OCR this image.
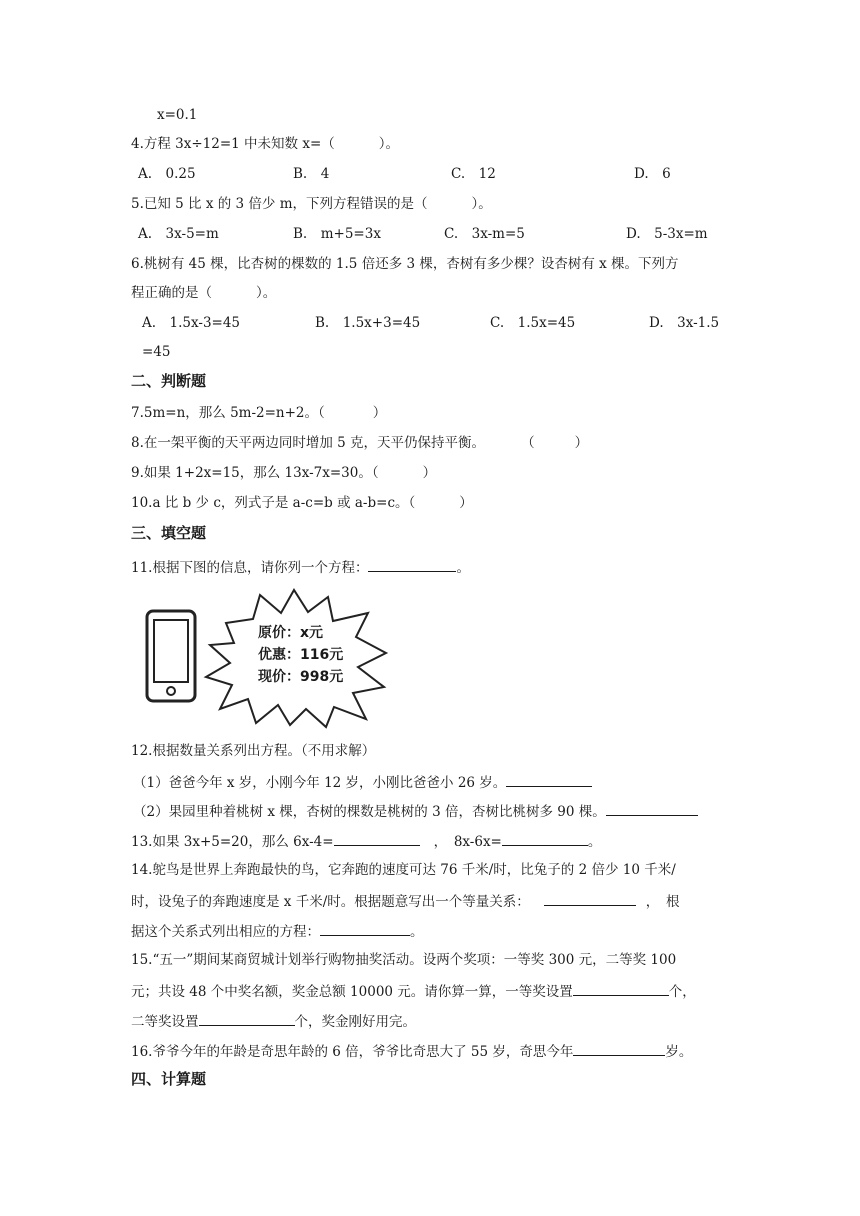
x=0.1
4.方程 3x÷12=1 中未知数 x=（	）。
A.　0.25	B.　4	C.　12	D.　6
5.已知 5 比 x 的 3 倍少 m，下列方程错误的是（	）。
A.　3x-5=m	B.　m+5=3x	C.　3x-m=5	D.　5-3x=m
6.桃树有 45 棵，比杏树的棵数的 1.5 倍还多 3 棵，杏树有多少棵？设杏树有 x 棵。下列方
程正确的是（	）。
A.　1.5x-3=45	B.　1.5x+3=45	C.　1.5x=45	D.　3x-1.5
=45
二、判断题
7.5m=n，那么 5m-2=n+2。（	）
8.在一架平衡的天平两边同时增加 5 克，天平仍保持平衡。	（	）
9.如果 1+2x=15，那么 13x-7x=30。（	）
10.a 比 b 少 c，列式子是 a-c=b 或 a-b=c。（	）
三、填空题
11.根据下图的信息，请你列一个方程：	。
原价：x元
优惠：116元
现价：998元
12.根据数量关系列出方程。（不用求解）
（1）爸爸今年 x 岁，小刚今年 12 岁，小刚比爸爸小 26 岁。
（2）果园里种着桃树 x 棵，杏树的棵数是桃树的 3 倍，杏树比桃树多 90 棵。
13.如果 3x+5=20，那么 6x-4=	，　8x-6x=	。
14.鸵鸟是世界上奔跑最快的鸟，它奔跑的速度可达 76 千米/时，比兔子的 2 倍少 10 千米/
时，设兔子的奔跑速度是 x 千米/时。根据题意写出一个等量关系：	，　根
据这个关系式列出相应的方程：	。
15.“五一”期间某商贸城计划举行购物抽奖活动。设两个奖项：一等奖 300 元，二等奖 100
元；共设 48 个中奖名额，奖金总额 10000 元。请你算一算，一等奖设置	个，
二等奖设置	个，奖金刚好用完。
16.爷爷今年的年龄是奇思年龄的 6 倍，爷爷比奇思大了 55 岁，奇思今年	岁。
四、计算题
